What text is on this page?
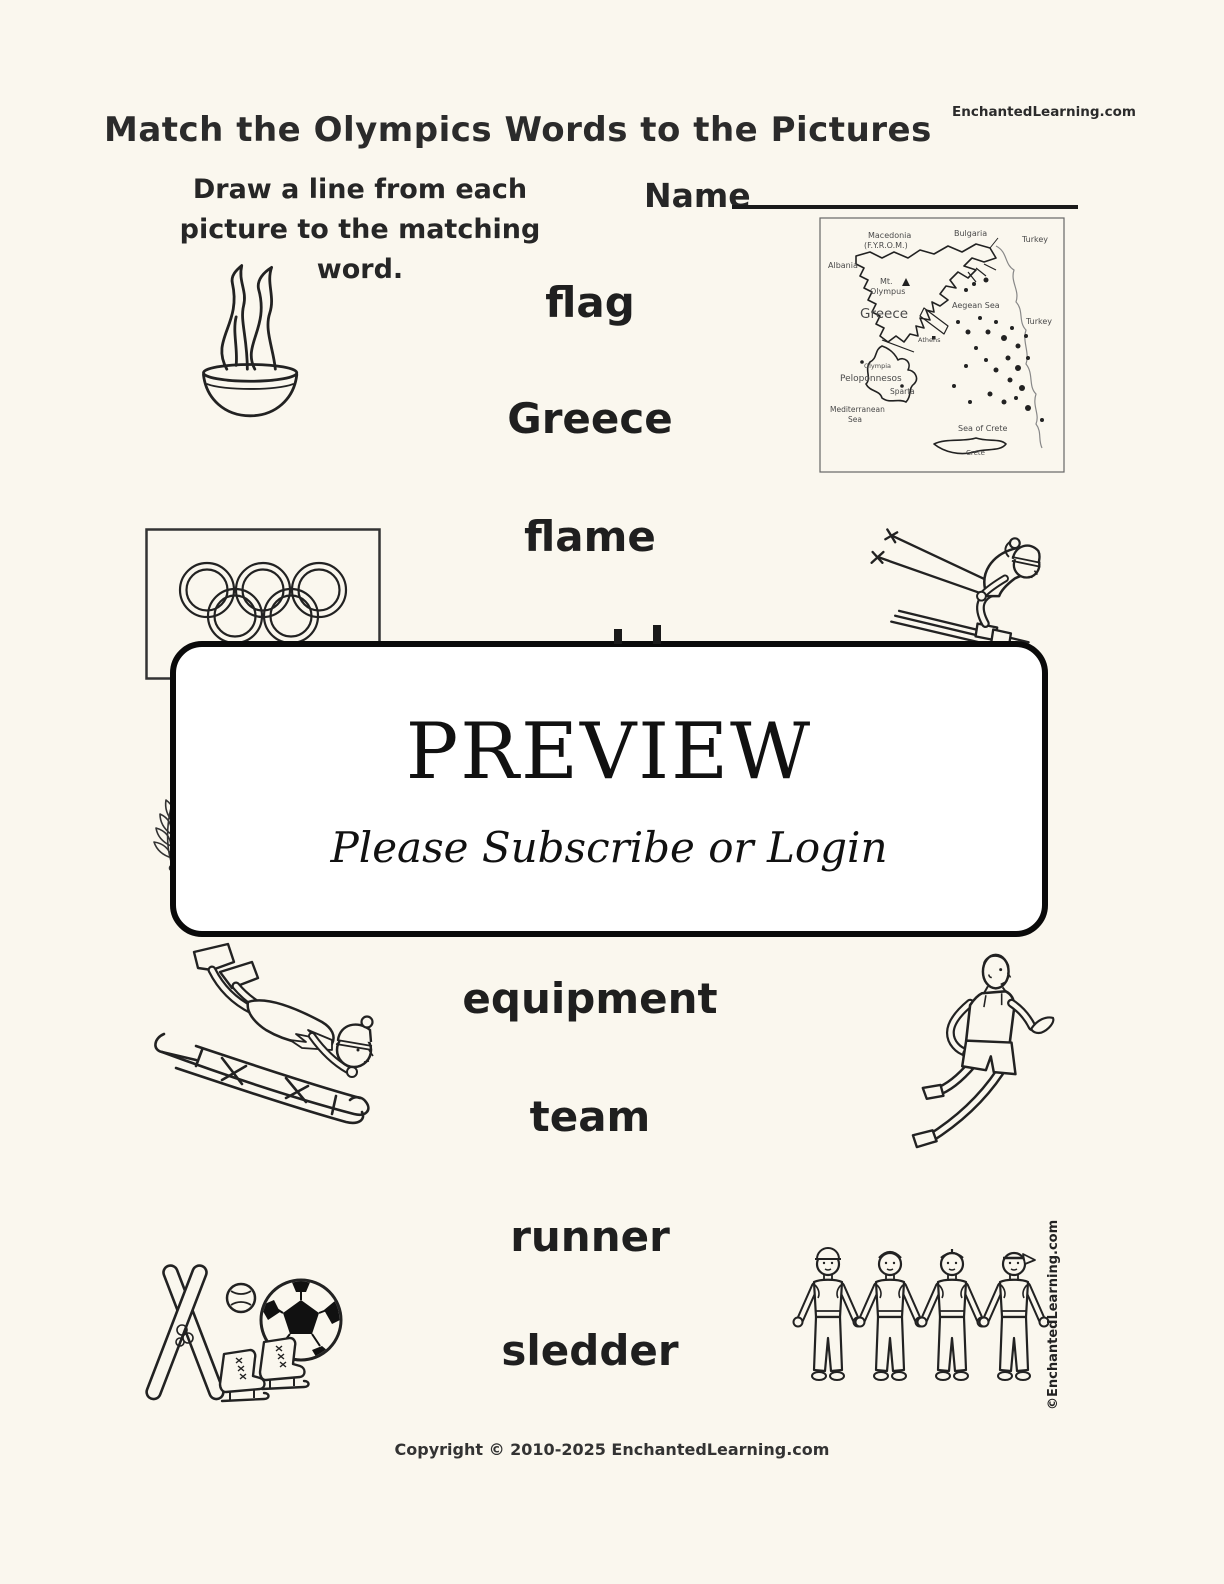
EnchantedLearning.com
Match the Olympics Words to the Pictures
Draw a line from each
picture to the matching word.
Name
flag
Greece
flame
equipment
team
runner
sledder
Macedonia
(F.Y.R.O.M.)
Bulgaria
Turkey
Albania
Mt.
Olympus
Greece
Aegean Sea
Turkey
Athens
Olympia
Peloponnesos
Sparta
Mediterranean
Sea
Sea of Crete
Crete
PREVIEW
Please Subscribe or Login
©EnchantedLearning.com
Copyright © 2010-2025 EnchantedLearning.com
